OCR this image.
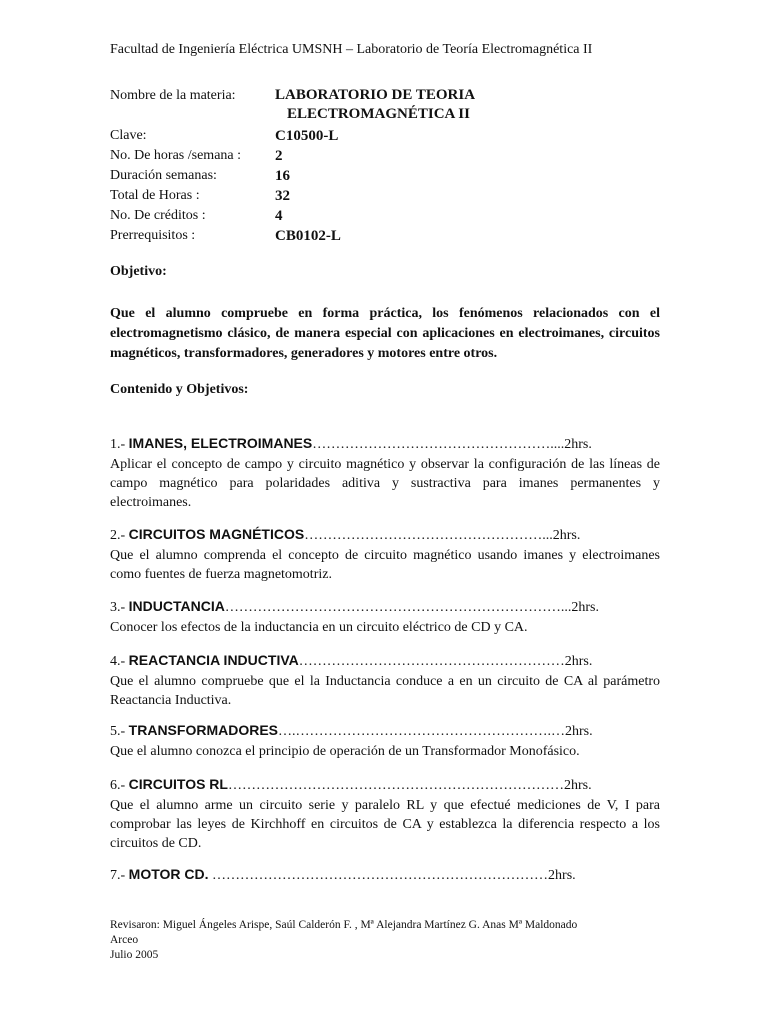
Facultad de Ingeniería Eléctrica UMSNH – Laboratorio de Teoría Electromagnética II
Nombre de la materia:	LABORATORIO DE TEORIA
ELECTROMAGNÉTICA II
Clave:	C10500-L
No. De horas /semana :	2
Duración semanas:	16
Total de Horas :	32
No. De créditos :	4
Prerrequisitos :	CB0102-L
Objetivo:
Que el alumno compruebe en forma práctica, los fenómenos relacionados con el electromagnetismo clásico, de manera especial con aplicaciones en electroimanes, circuitos magnéticos, transformadores, generadores y motores entre otros.
Contenido y Objetivos:
1.- IMANES, ELECTROIMANES……………………………………………....2hrs.
Aplicar el concepto de campo y circuito magnético y observar la configuración de las líneas de campo magnético para polaridades aditiva y sustractiva para imanes permanentes y electroimanes.
2.- CIRCUITOS MAGNÉTICOS……………………………………………...2hrs.
Que el alumno comprenda el concepto de circuito magnético usando imanes y electroimanes como fuentes de fuerza magnetomotriz.
3.- INDUCTANCIA………………………………………………………………...2hrs.
Conocer los efectos de la inductancia en un circuito eléctrico de CD y CA.
4.- REACTANCIA INDUCTIVA…………………………………………………2hrs.
Que el alumno compruebe que el la Inductancia conduce a en un circuito de CA al parámetro Reactancia Inductiva.
5.- TRANSFORMADORES….……………………………………………….…2hrs.
Que el alumno conozca el principio de operación de un Transformador Monofásico.
6.- CIRCUITOS RL………………………………………………………………2hrs.
Que el alumno arme un circuito serie y paralelo RL y que efectué mediciones de V, I para comprobar las leyes de Kirchhoff en circuitos de CA y establezca la diferencia respecto a los circuitos de CD.
7.- MOTOR CD. ………………………………………………………………2hrs.
Revisaron: Miguel Ángeles Arispe, Saúl Calderón F. , Mª Alejandra Martínez G. Anas Mª Maldonado
Arceo
Julio 2005
